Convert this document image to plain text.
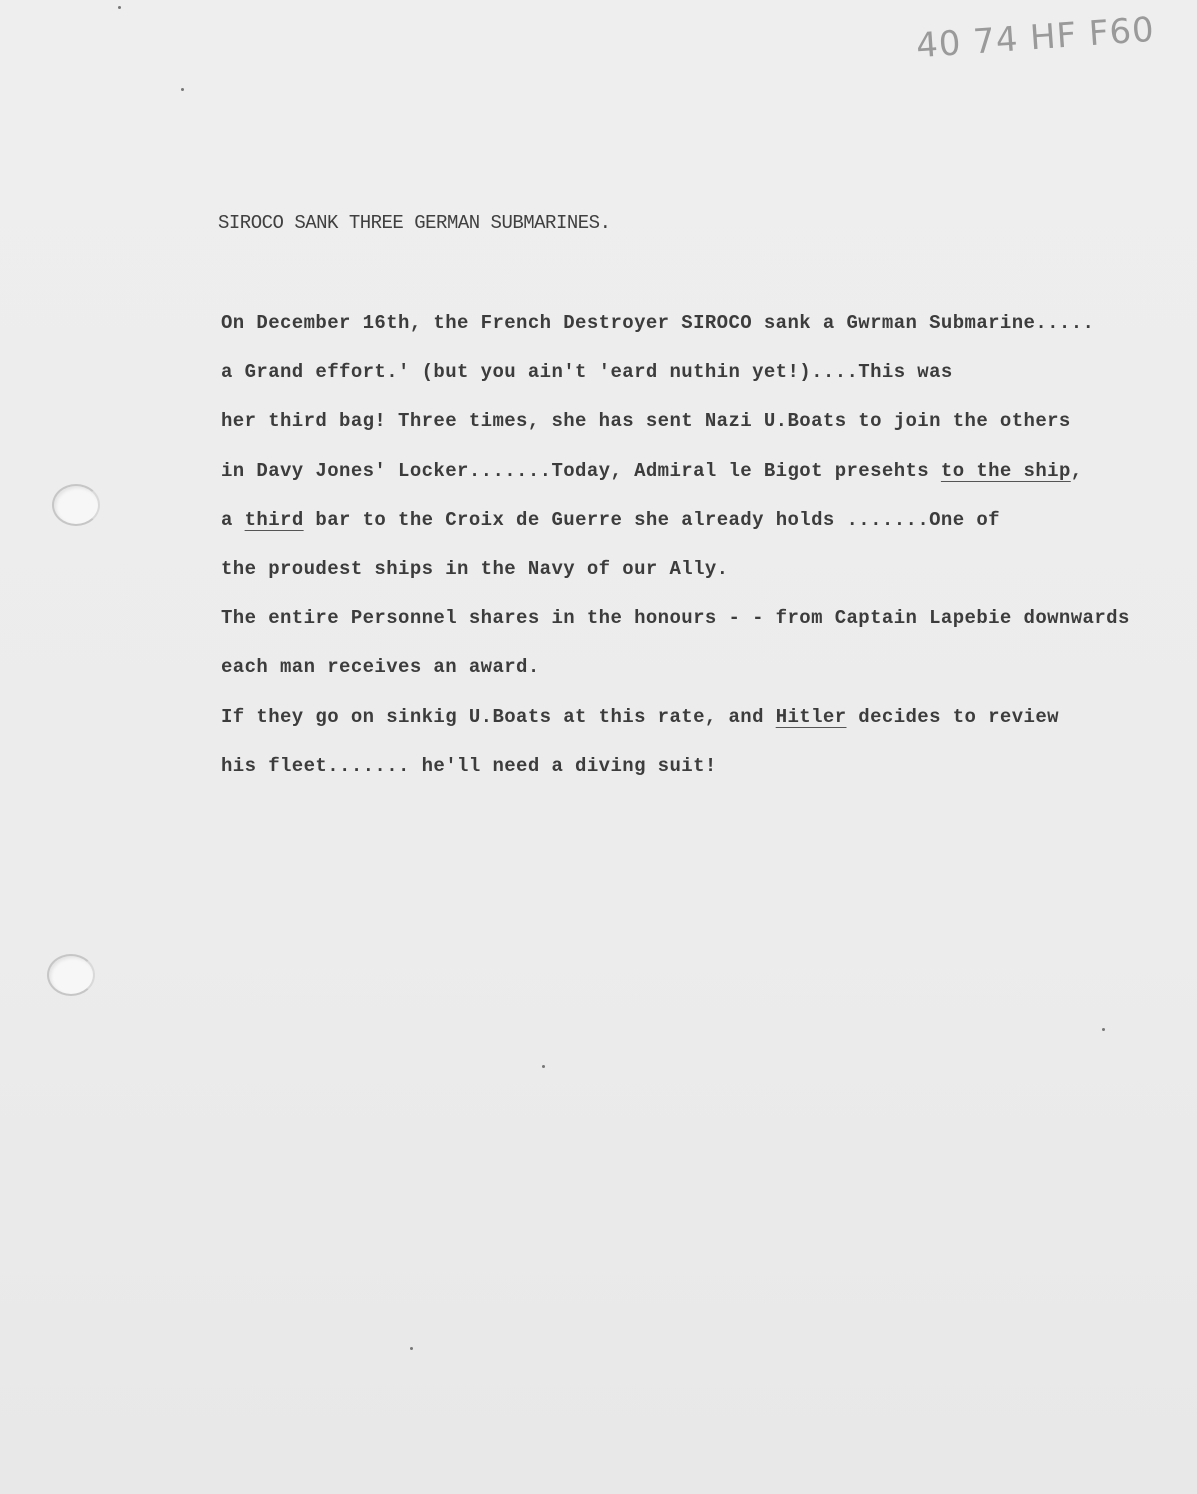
40 74 HF F60
SIROCO SANK THREE GERMAN SUBMARINES.
On December 16th, the French Destroyer SIROCO sank a Gwrman Submarine.....
a Grand effort.' (but you ain't 'eard nuthin yet!)....This was
her third bag! Three times, she has sent Nazi U.Boats to join the others
in Davy Jones' Locker.......Today, Admiral le Bigot presehts to the ship,
a third bar to the Croix de Guerre she already holds .......One of
the proudest ships in the Navy of our Ally.
The entire Personnel shares in the honours - - from Captain Lapebie downwards
each man receives an award.
If they go on sinkig U.Boats at this rate, and Hitler decides to review
his fleet....... he'll need a diving suit!
